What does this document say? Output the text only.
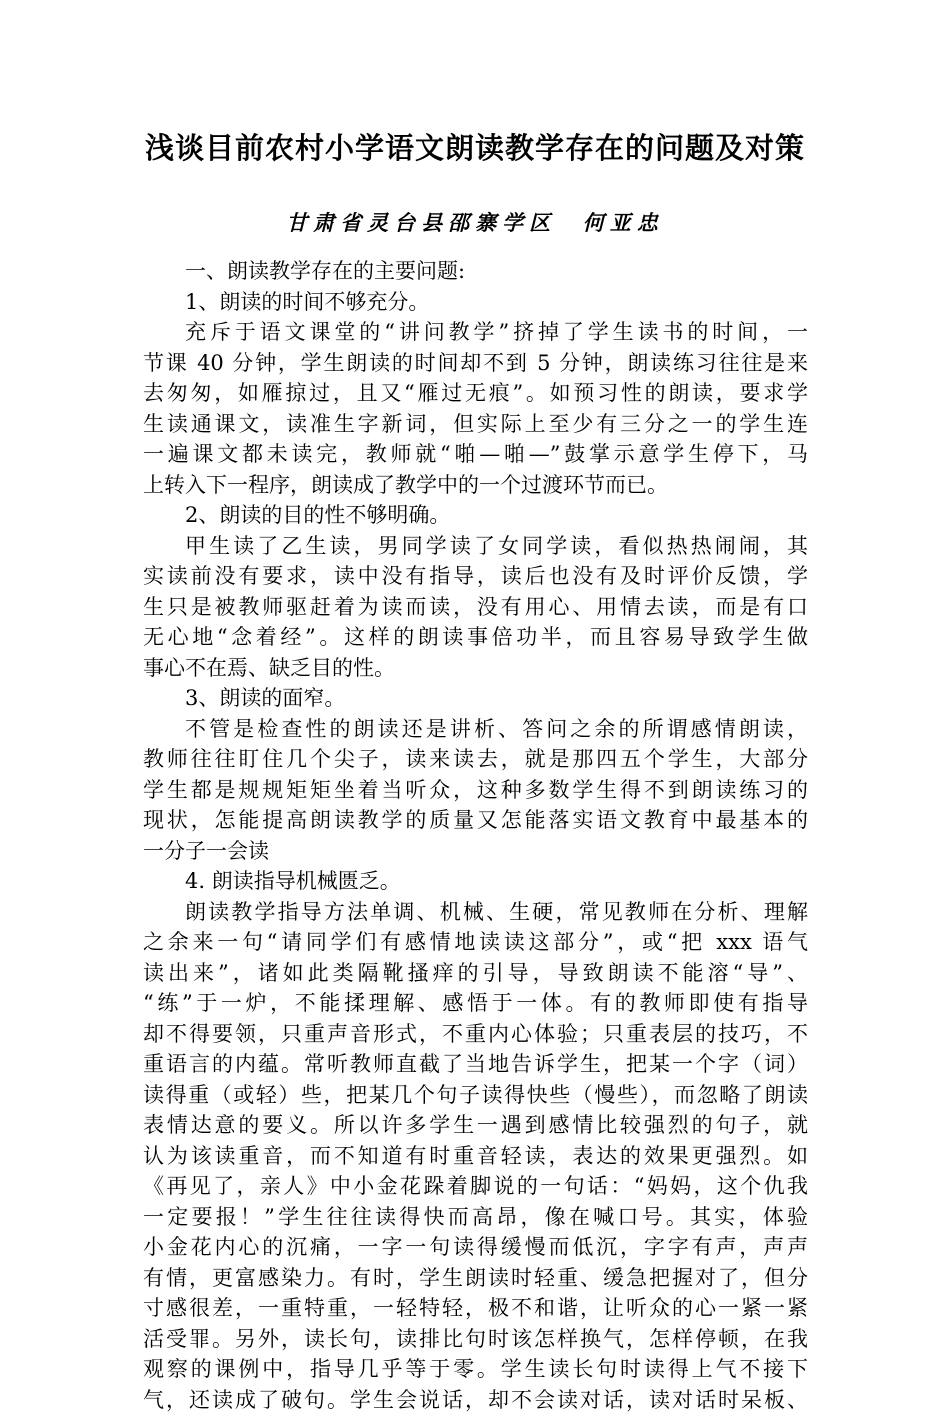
浅谈目前农村小学语文朗读教学存在的问题及对策
甘肃省灵台县邵寨学区  何亚忠
一、朗读教学存在的主要问题:
1、朗读的时间不够充分。
充斥于语文课堂的“讲问教学”挤掉了学生读书的时间，一
节课 40 分钟，学生朗读的时间却不到 5 分钟，朗读练习往往是来
去匆匆，如雁掠过，且又“雁过无痕”。如预习性的朗读，要求学
生读通课文，读准生字新词，但实际上至少有三分之一的学生连
一遍课文都未读完，教师就“啪—啪—”鼓掌示意学生停下，马
上转入下一程序，朗读成了教学中的一个过渡环节而已。
2、朗读的目的性不够明确。
甲生读了乙生读，男同学读了女同学读，看似热热闹闹，其
实读前没有要求，读中没有指导，读后也没有及时评价反馈，学
生只是被教师驱赶着为读而读，没有用心、用情去读，而是有口
无心地“念着经”。这样的朗读事倍功半，而且容易导致学生做
事心不在焉、缺乏目的性。
3、朗读的面窄。
不管是检查性的朗读还是讲析、答问之余的所谓感情朗读，
教师往往盯住几个尖子，读来读去，就是那四五个学生，大部分
学生都是规规矩矩坐着当听众，这种多数学生得不到朗读练习的
现状，怎能提高朗读教学的质量又怎能落实语文教育中最基本的
一分子一会读
4. 朗读指导机械匮乏。
朗读教学指导方法单调、机械、生硬，常见教师在分析、理解
之余来一句“请同学们有感情地读读这部分”，或“把 xxx 语气
读出来”，诸如此类隔靴搔痒的引导，导致朗读不能溶“导”、
“练”于一炉，不能揉理解、感悟于一体。有的教师即使有指导
却不得要领，只重声音形式，不重内心体验；只重表层的技巧，不
重语言的内蕴。常听教师直截了当地告诉学生，把某一个字（词）
读得重（或轻）些，把某几个句子读得快些（慢些），而忽略了朗读
表情达意的要义。所以许多学生一遇到感情比较强烈的句子，就
认为该读重音，而不知道有时重音轻读，表达的效果更强烈。如
《再见了，亲人》中小金花跺着脚说的一句话：“妈妈，这个仇我
一定要报！”学生往往读得快而高昂，像在喊口号。其实，体验
小金花内心的沉痛，一字一句读得缓慢而低沉，字字有声，声声
有情，更富感染力。有时，学生朗读时轻重、缓急把握对了，但分
寸感很差，一重特重，一轻特轻，极不和谐，让听众的心一紧一紧
活受罪。另外，读长句，读排比句时该怎样换气，怎样停顿，在我
观察的课例中，指导几乎等于零。学生读长句时读得上气不接下
气，还读成了破句。学生会说话，却不会读对话，读对话时呆板、
